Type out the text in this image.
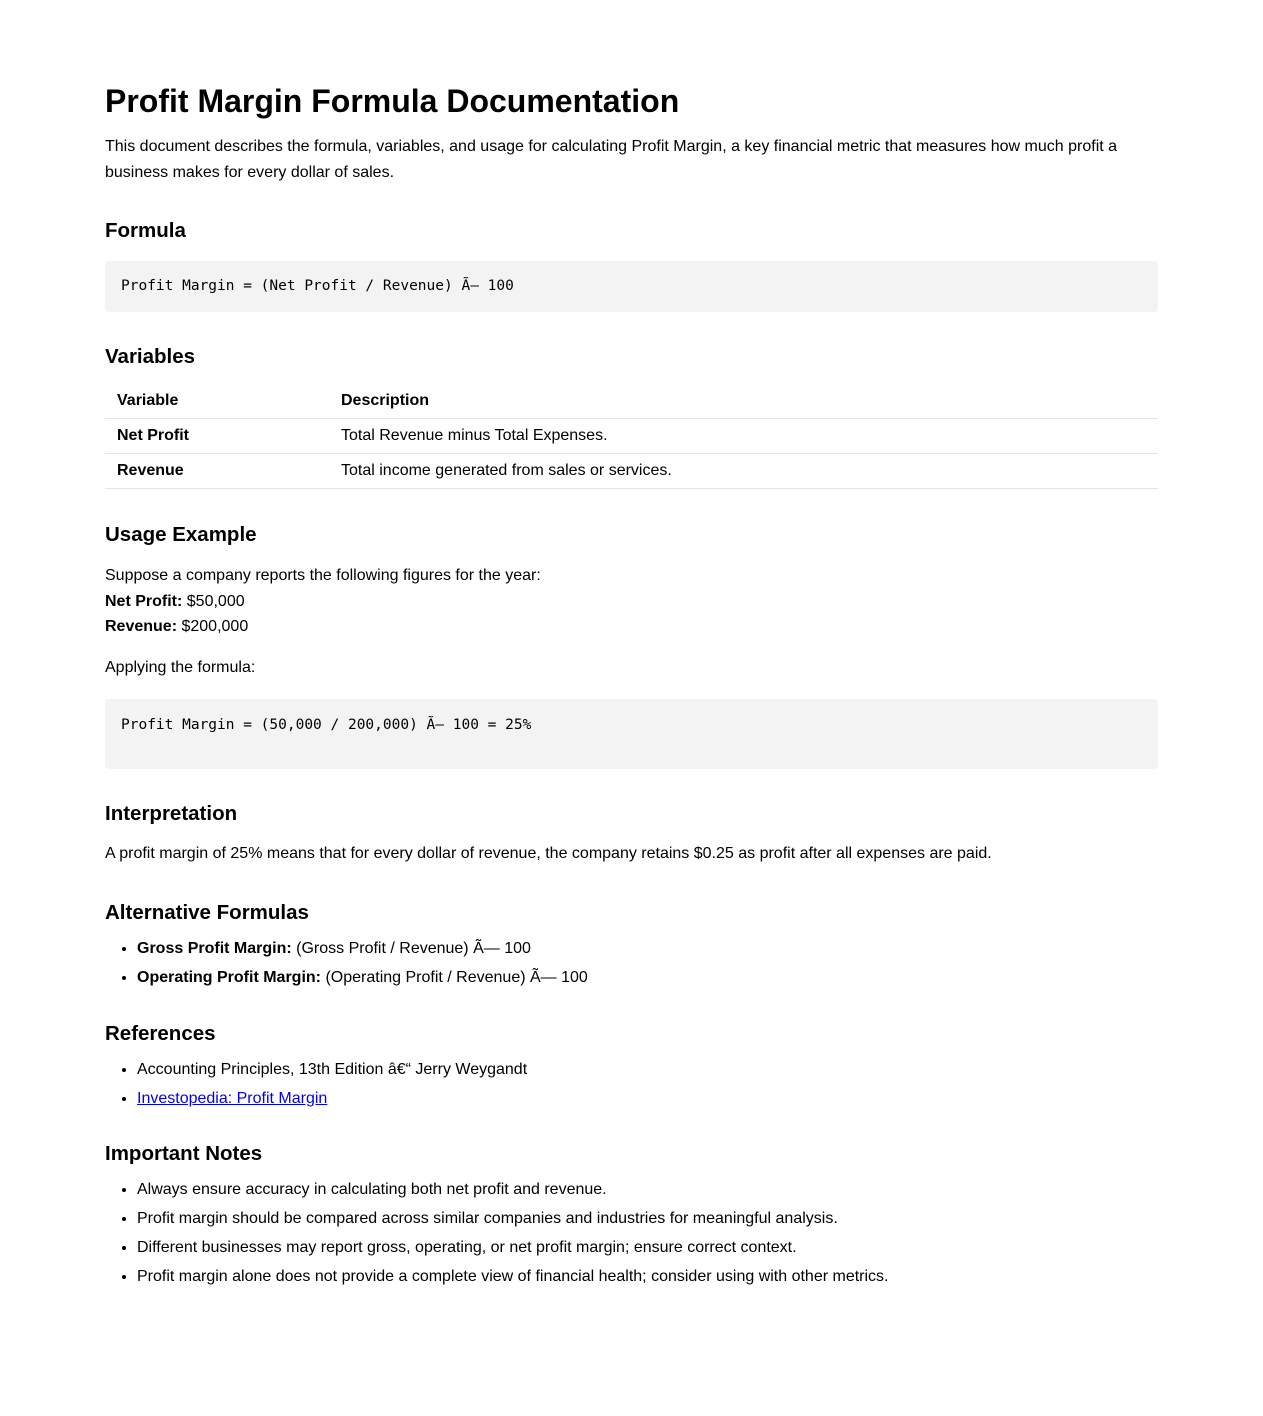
Profit Margin Formula Documentation

This document describes the formula, variables, and usage for calculating Profit Margin, a key financial metric that measures how much profit a business makes for every dollar of sales.

Formula
Profit Margin = (Net Profit / Revenue) Ã— 100
Variables
Variable	Description
Net Profit	Total Revenue minus Total Expenses.
Revenue	Total income generated from sales or services.
Usage Example

Suppose a company reports the following figures for the year:

Net Profit: $50,000

Revenue: $200,000

Applying the formula:

Profit Margin = (50,000 / 200,000) Ã— 100 = 25%
Interpretation

A profit margin of 25% means that for every dollar of revenue, the company retains $0.25 as profit after all expenses are paid.

Alternative Formulas
• Gross Profit Margin: (Gross Profit / Revenue) Ã— 100
• Operating Profit Margin: (Operating Profit / Revenue) Ã— 100
References
• Accounting Principles, 13th Edition â€“ Jerry Weygandt
• Investopedia: Profit Margin
Important Notes
• Always ensure accuracy in calculating both net profit and revenue.
• Profit margin should be compared across similar companies and industries for meaningful analysis.
• Different businesses may report gross, operating, or net profit margin; ensure correct context.
• Profit margin alone does not provide a complete view of financial health; consider using with other metrics.
